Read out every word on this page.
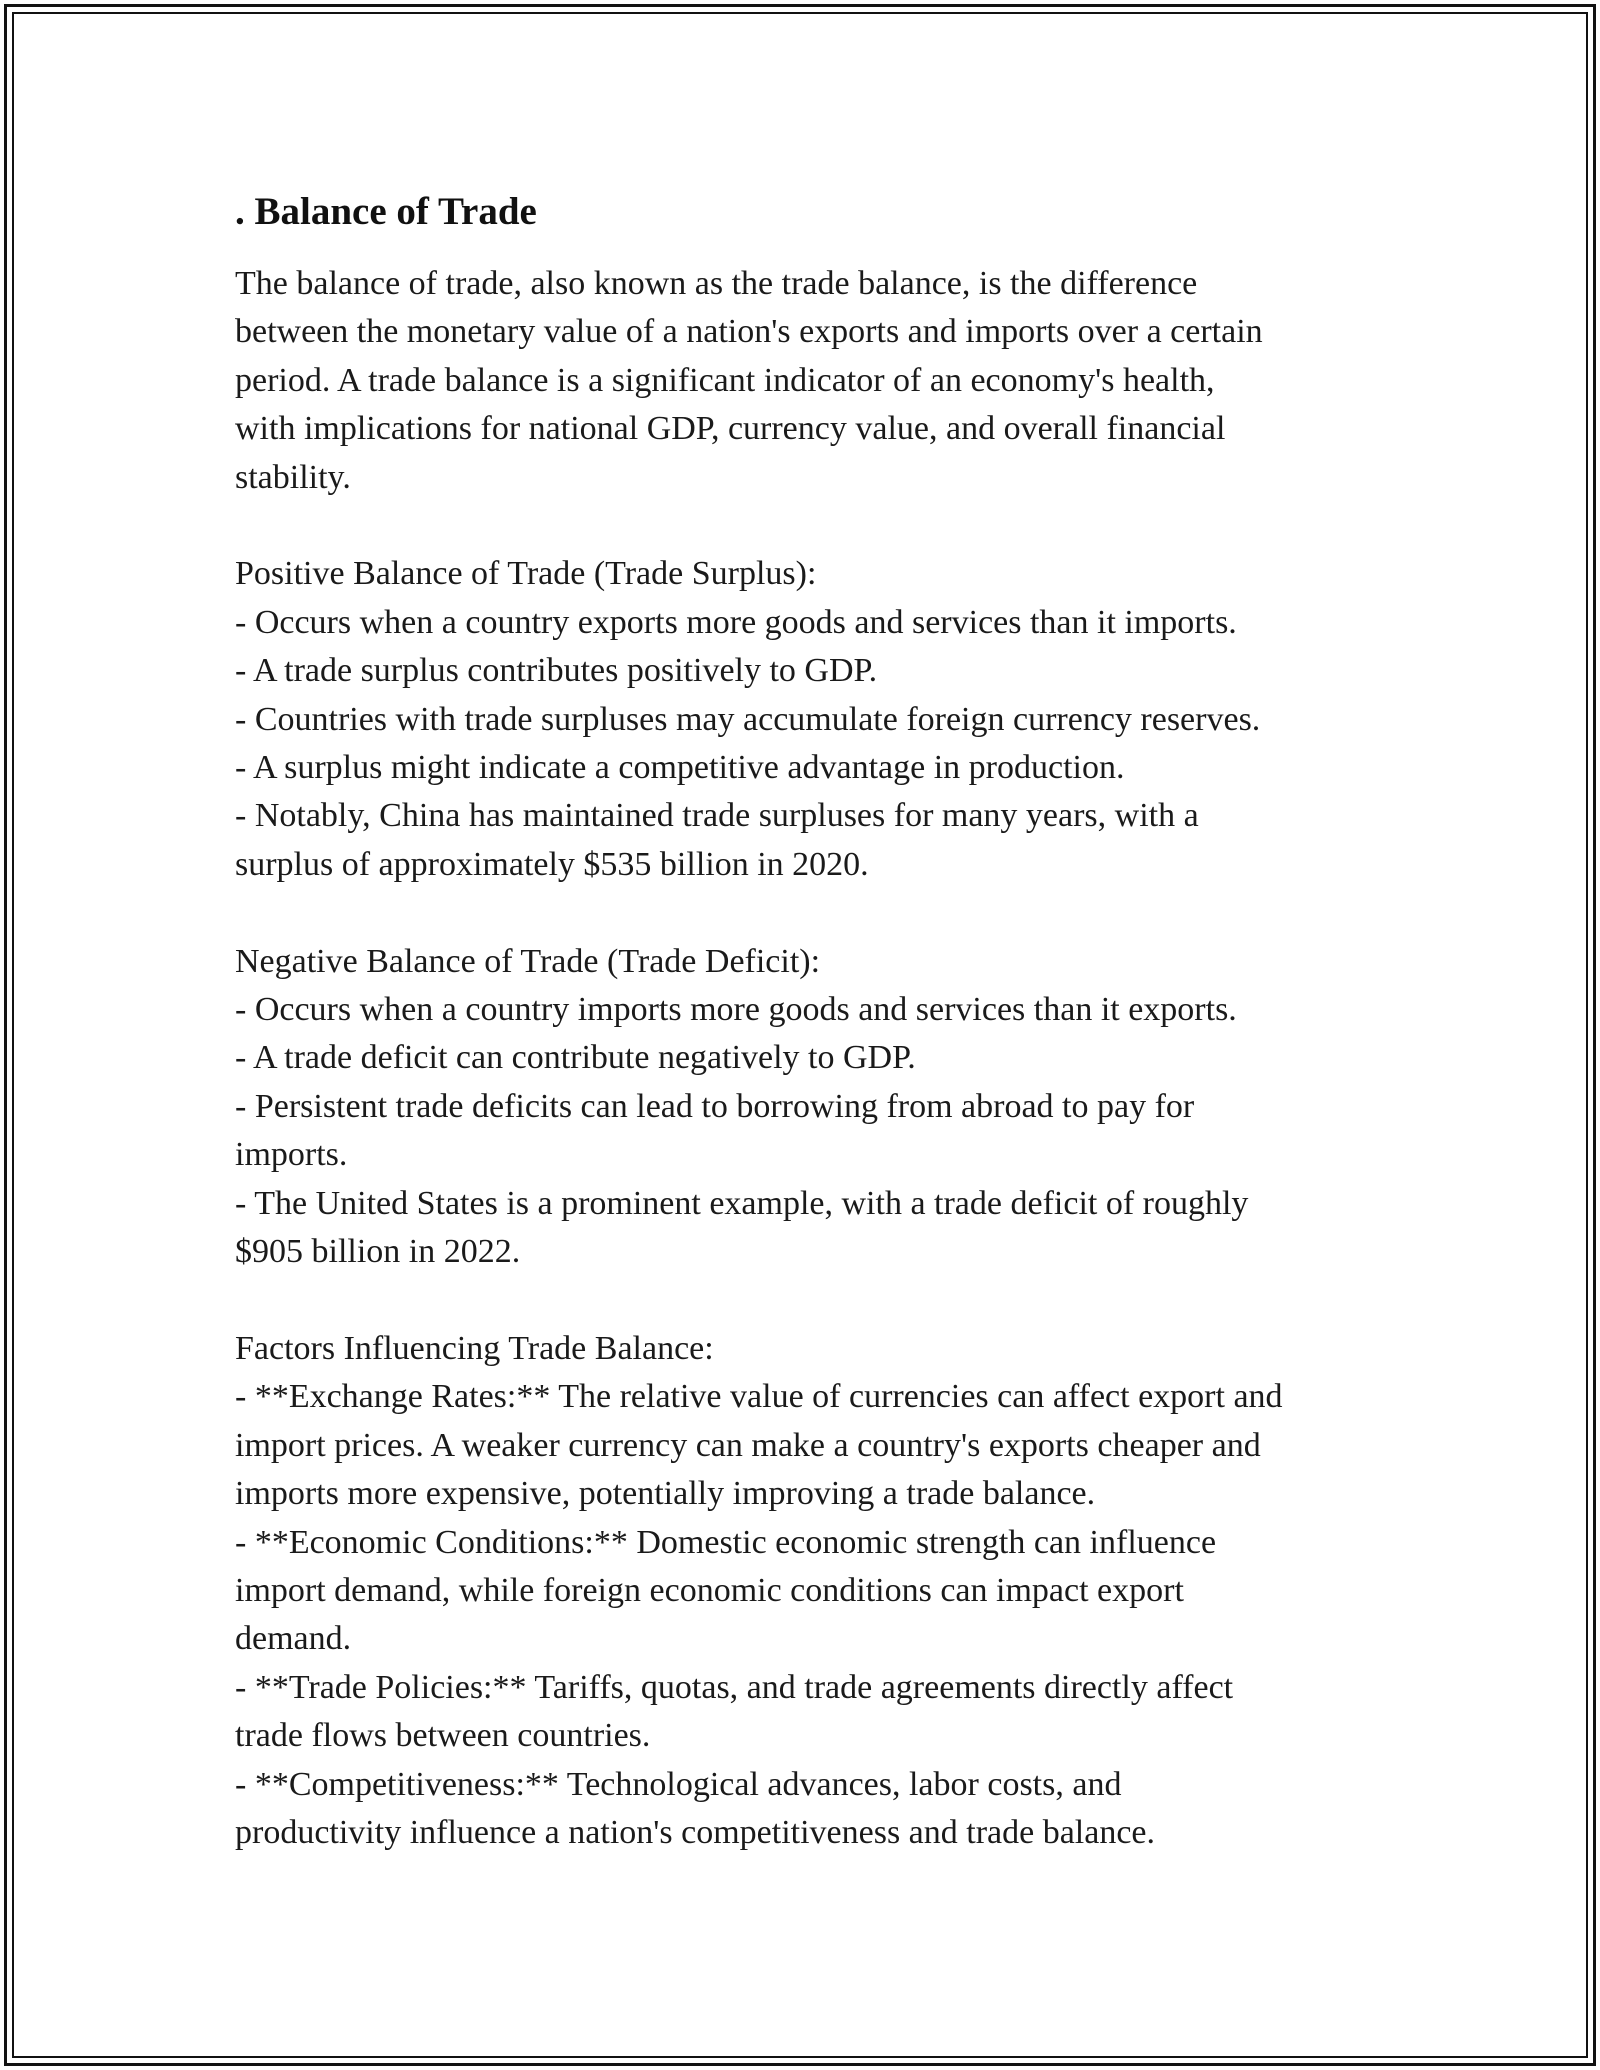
. Balance of Trade

The balance of trade, also known as the trade balance, is the difference
between the monetary value of a nation's exports and imports over a certain
period. A trade balance is a significant indicator of an economy's health,
with implications for national GDP, currency value, and overall financial
stability.

Positive Balance of Trade (Trade Surplus):
- Occurs when a country exports more goods and services than it imports.
- A trade surplus contributes positively to GDP.
- Countries with trade surpluses may accumulate foreign currency reserves.
- A surplus might indicate a competitive advantage in production.
- Notably, China has maintained trade surpluses for many years, with a
surplus of approximately $535 billion in 2020.
Negative Balance of Trade (Trade Deficit):
- Occurs when a country imports more goods and services than it exports.
- A trade deficit can contribute negatively to GDP.
- Persistent trade deficits can lead to borrowing from abroad to pay for
imports.
- The United States is a prominent example, with a trade deficit of roughly
$905 billion in 2022.
Factors Influencing Trade Balance:
- **Exchange Rates:** The relative value of currencies can affect export and
import prices. A weaker currency can make a country's exports cheaper and
imports more expensive, potentially improving a trade balance.
- **Economic Conditions:** Domestic economic strength can influence
import demand, while foreign economic conditions can impact export
demand.
- **Trade Policies:** Tariffs, quotas, and trade agreements directly affect
trade flows between countries.
- **Competitiveness:** Technological advances, labor costs, and
productivity influence a nation's competitiveness and trade balance.
